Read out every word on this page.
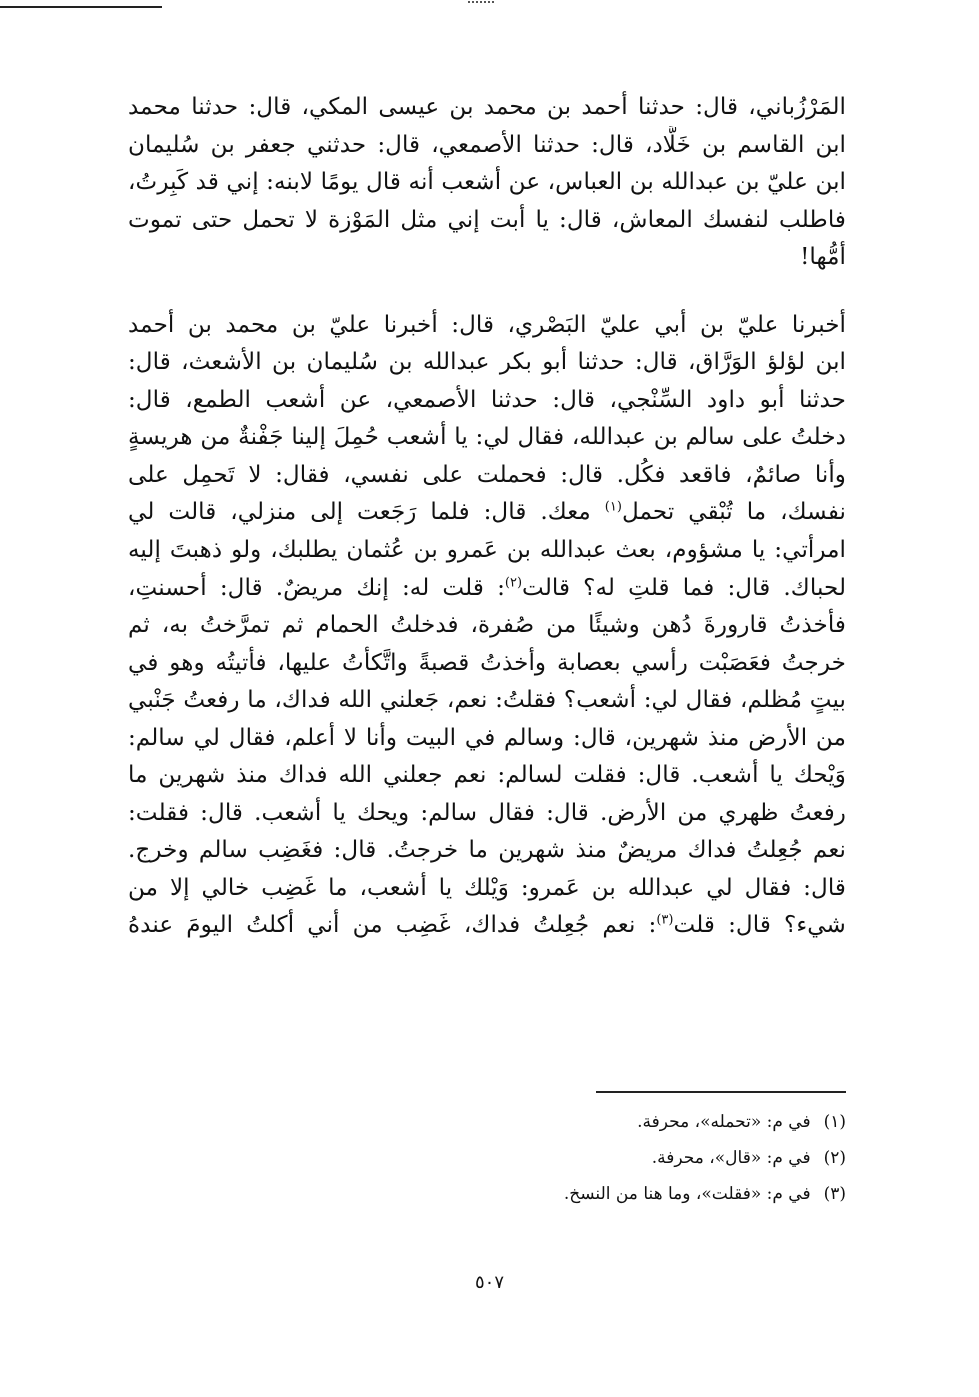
المَرْزُباني، قال: حدثنا أحمد بن محمد بن عيسى المكي، قال: حدثنا محمد
ابن القاسم بن خَلَّاد، قال: حدثنا الأصمعي، قال: حدثني جعفر بن سُليمان
ابن عليّ بن عبدالله بن العباس، عن أشعب أنه قال يومًا لابنه: إني قد كَبِرتُ،
فاطلب لنفسك المعاش، قال: يا أبت إني مثل المَوْزة لا تحمل حتى تموت
أمُّها!

أخبرنا عليّ بن أبي عليّ البَصْري، قال: أخبرنا عليّ بن محمد بن أحمد
ابن لؤلؤ الوَرَّاق، قال: حدثنا أبو بكر عبدالله بن سُليمان بن الأشعث، قال:
حدثنا أبو داود السِّنْجي، قال: حدثنا الأصمعي، عن أشعب الطمع، قال:
دخلتُ على سالم بن عبدالله، فقال لي: يا أشعب حُمِلَ إلينا جَفْنةٌ من هريسةٍ
وأنا صائمٌ، فاقعد فكُل. قال: فحملت على نفسي، فقال: لا تَحمِل على
نفسك، ما تُبْقي تحمل$^{(١)}$ معك. قال: فلما رَجَعت إلى منزلي، قالت لي
امرأتي: يا مشؤوم، بعث عبدالله بن عَمرو بن عُثمان يطلبك، ولو ذهبتَ إليه
لحباك. قال: فما قلتِ له؟ قالت$^{(٢)}$: قلت له: إنك مريضٌ. قال: أحسنتِ،
فأخذتُ قارورةَ دُهن وشيئًا من صُفرة، فدخلتُ الحمام ثم تمرَّختُ به، ثم
خرجتُ فعَصَبْت رأسي بعصابة وأخذتُ قصبةً واتَّكأتُ عليها، فأتيتُه وهو في
بيتٍ مُظلم، فقال لي: أشعب؟ فقلتُ: نعم، جَعلني الله فداك، ما رفعتُ جَنْبي
من الأرض منذ شهرين، قال: وسالم في البيت وأنا لا أعلم، فقال لي سالم:
وَيْحك يا أشعب. قال: فقلت لسالم: نعم جعلني الله فداك منذ شهرين ما
رفعتُ ظهري من الأرض. قال: فقال سالم: ويحك يا أشعب. قال: فقلت:
نعم جُعِلتُ فداك مريضٌ منذ شهرين ما خرجتُ. قال: فغَضِب سالم وخرج.
قال: فقال لي عبدالله بن عَمرو: وَيْلك يا أشعب، ما غَضِب خالي إلا من
شيء؟ قال: قلت$^{(٣)}$: نعم جُعِلتُ فداك، غَضِب من أني أكلتُ اليومَ عندهُ

(١) في م: «تحمله»، محرفة.
(٢) في م: «قال»، محرفة.
(٣) في م: «فقلت»، وما هنا من النسخ.
٥٠٧
